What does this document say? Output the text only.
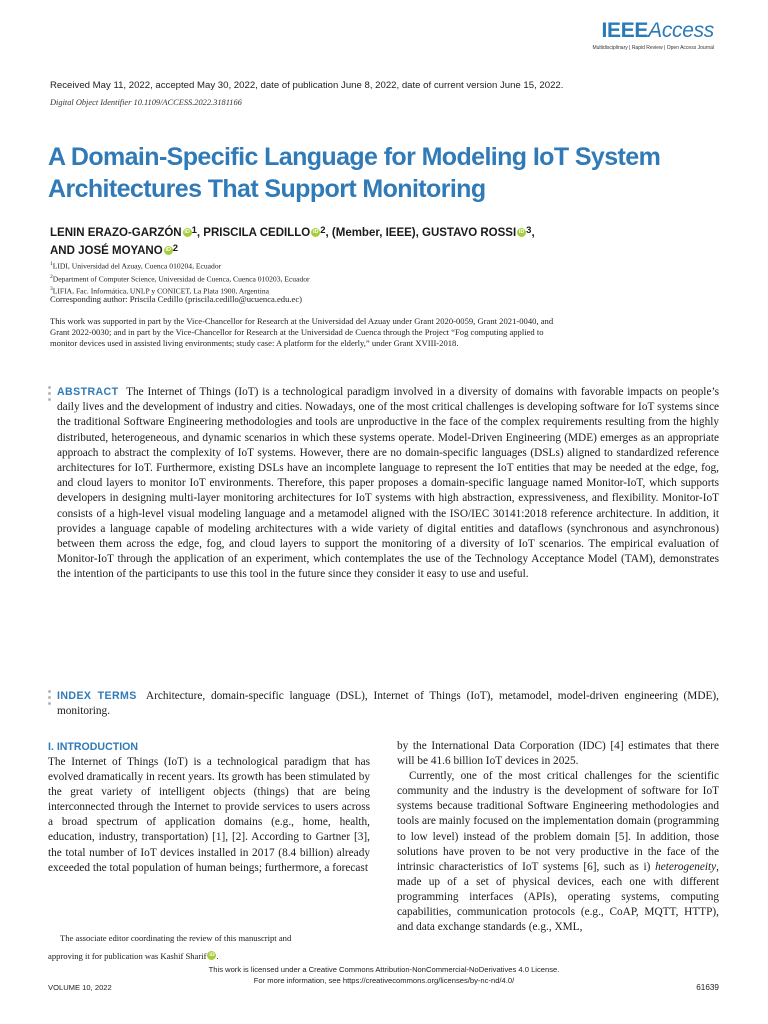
IEEEAccess
Multidisciplinary | Rapid Review | Open Access Journal
Received May 11, 2022, accepted May 30, 2022, date of publication June 8, 2022, date of current version June 15, 2022.
Digital Object Identifier 10.1109/ACCESS.2022.3181166
A Domain-Specific Language for Modeling IoT System Architectures That Support Monitoring
LENIN ERAZO-GARZÓN iD $^1$, PRISCILA CEDILLO iD $^2$, (Member, IEEE), GUSTAVO ROSSI iD $^3$,
AND JOSÉ MOYANO iD $^2$
$^1$LIDI, Universidad del Azuay, Cuenca 010204, Ecuador
$^2$Department of Computer Science, Universidad de Cuenca, Cuenca 010203, Ecuador
$^3$LIFIA, Fac. Informática, UNLP y CONICET, La Plata 1900, Argentina
Corresponding author: Priscila Cedillo (priscila.cedillo@ucuenca.edu.ec)
This work was supported in part by the Vice-Chancellor for Research at the Universidad del Azuay under Grant 2020-0059, Grant 2021-0040, and Grant 2022-0030; and in part by the Vice-Chancellor for Research at the Universidad de Cuenca through the Project “Fog computing applied to monitor devices used in assisted living environments; study case: A platform for the elderly,” under Grant XVIII-2018.
ABSTRACT The Internet of Things (IoT) is a technological paradigm involved in a diversity of domains with favorable impacts on people’s daily lives and the development of industry and cities. Nowadays, one of the most critical challenges is developing software for IoT systems since the traditional Software Engineering methodologies and tools are unproductive in the face of the complex requirements resulting from the highly distributed, heterogeneous, and dynamic scenarios in which these systems operate. Model-Driven Engineering (MDE) emerges as an appropriate approach to abstract the complexity of IoT systems. However, there are no domain-specific languages (DSLs) aligned to standardized reference architectures for IoT. Furthermore, existing DSLs have an incomplete language to represent the IoT entities that may be needed at the edge, fog, and cloud layers to monitor IoT environments. Therefore, this paper proposes a domain-specific language named Monitor-IoT, which supports developers in designing multi-layer monitoring architectures for IoT systems with high abstraction, expressiveness, and flexibility. Monitor-IoT consists of a high-level visual modeling language and a metamodel aligned with the ISO/IEC 30141:2018 reference architecture. In addition, it provides a language capable of modeling architectures with a wide variety of digital entities and dataflows (synchronous and asynchronous) between them across the edge, fog, and cloud layers to support the monitoring of a diversity of IoT scenarios. The empirical evaluation of Monitor-IoT through the application of an experiment, which contemplates the use of the Technology Acceptance Model (TAM), demonstrates the intention of the participants to use this tool in the future since they consider it easy to use and useful.
INDEX TERMS Architecture, domain-specific language (DSL), Internet of Things (IoT), metamodel, model-driven engineering (MDE), monitoring.
I. INTRODUCTION
The Internet of Things (IoT) is a technological paradigm that has evolved dramatically in recent years. Its growth has been stimulated by the great variety of intelligent objects (things) that are being interconnected through the Internet to provide services to users across a broad spectrum of application domains (e.g., home, health, education, industry, transportation) [1], [2]. According to Gartner [3], the total number of IoT devices installed in 2017 (8.4 billion) already exceeded the total population of human beings; furthermore, a forecast
The associate editor coordinating the review of this manuscript and
approving it for publication was Kashif Sharif iD .

by the International Data Corporation (IDC) [4] estimates that there will be 41.6 billion IoT devices in 2025.

Currently, one of the most critical challenges for the scientific community and the industry is the development of software for IoT systems because traditional Software Engineering methodologies and tools are mainly focused on the implementation domain (programming to low level) instead of the problem domain [5]. In addition, those solutions have proven to be not very productive in the face of the intrinsic characteristics of IoT systems [6], such as i) heterogeneity, made up of a set of physical devices, each one with different programming interfaces (APIs), operating systems, computing capabilities, communication protocols (e.g., CoAP, MQTT, HTTP), and data exchange standards (e.g., XML,

This work is licensed under a Creative Commons Attribution-NonCommercial-NoDerivatives 4.0 License.
For more information, see https://creativecommons.org/licenses/by-nc-nd/4.0/
VOLUME 10, 2022	61639
